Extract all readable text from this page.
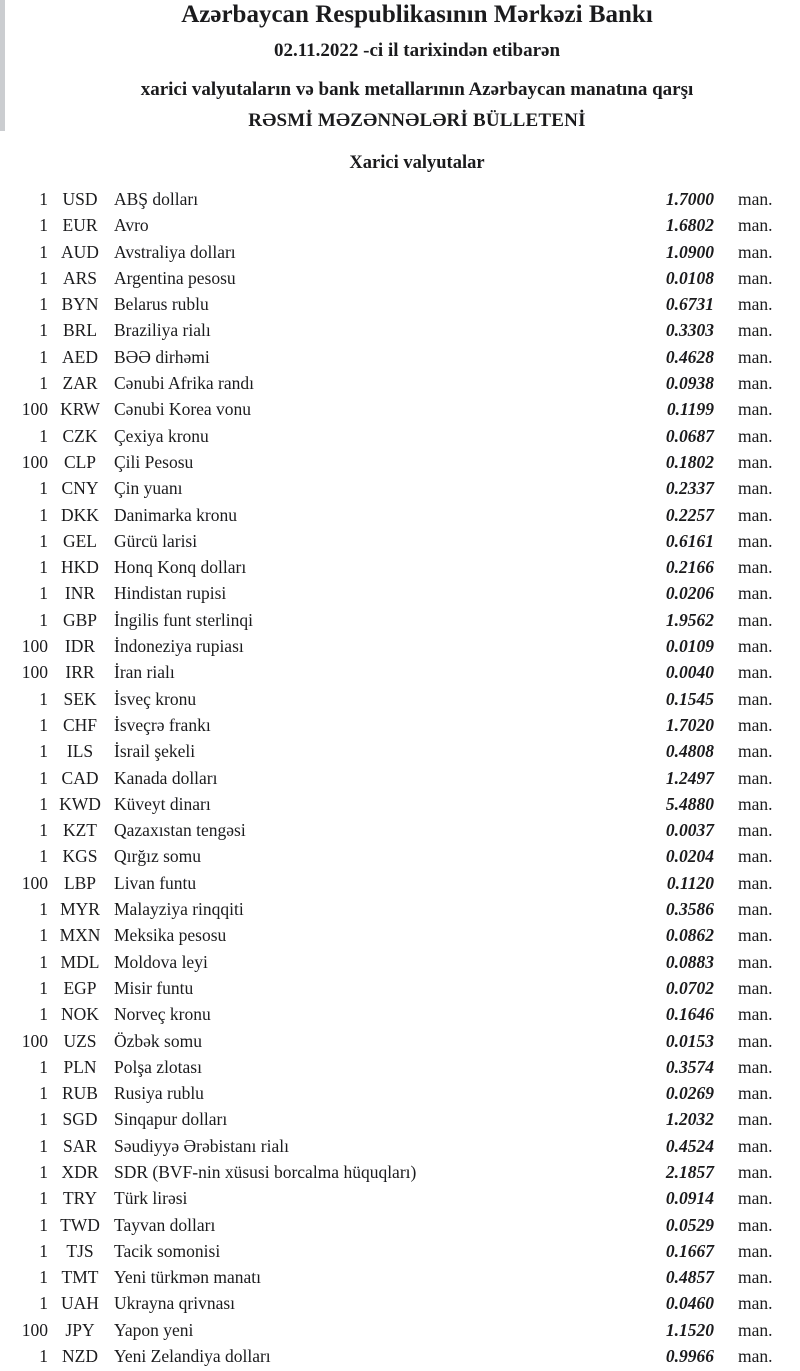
Azərbaycan Respublikasının Mərkəzi Bankı
02.11.2022 -ci il tarixindən etibarən
xarici valyutaların və bank metallarının Azərbaycan manatına qarşı
RƏSMİ MƏZƏNNƏLƏRİ BÜLLETENİ
Xarici valyutalar
1 USD ABŞ dolları	1.7000	man.
1 EUR Avro	1.6802	man.
1 AUD Avstraliya dolları	1.0900	man.
1 ARS Argentina pesosu	0.0108	man.
1 BYN Belarus rublu	0.6731	man.
1 BRL Braziliya rialı	0.3303	man.
1 AED BƏƏ dirhəmi	0.4628	man.
1 ZAR Cənubi Afrika randı	0.0938	man.
100 KRW Cənubi Korea vonu	0.1199	man.
1 CZK Çexiya kronu	0.0687	man.
100 CLP	Çili Pesosu	0.1802	man.
1 CNY Çin yuanı	0.2337	man.
1 DKK Danimarka kronu	0.2257	man.
1 GEL Gürcü larisi	0.6161	man.
1 HKD Honq Konq dolları	0.2166	man.
1 INR	Hindistan rupisi	0.0206	man.
1 GBP İngilis funt sterlinqi	1.9562	man.
100 IDR	İndoneziya rupiası	0.0109	man.
100 IRR	İran rialı	0.0040	man.
1 SEK İsveç kronu	0.1545	man.
1 CHF İsveçrə frankı	1.7020	man.
1	ILS	İsrail şekeli	0.4808	man.
1 CAD Kanada dolları	1.2497	man.
1 KWD Küveyt dinarı	5.4880	man.
1 KZT Qazaxıstan tengəsi	0.0037	man.
1 KGS Qırğız somu	0.0204	man.
100 LBP	Livan funtu	0.1120	man.
1 MYR Malayziya rinqqiti	0.3586	man.
1 MXN Meksika pesosu	0.0862	man.
1 MDL Moldova leyi	0.0883	man.
1 EGP Misir funtu	0.0702	man.
1 NOK Norveç kronu	0.1646	man.
100 UZS Özbək somu	0.0153	man.
1 PLN Polşa zlotası	0.3574	man.
1 RUB Rusiya rublu	0.0269	man.
1 SGD Sinqapur dolları	1.2032	man.
1 SAR Səudiyyə Ərəbistanı rialı	0.4524	man.
1 XDR SDR (BVF-nin xüsusi borcalma hüquqları)	2.1857	man.
1 TRY Türk lirəsi	0.0914	man.
1 TWD Tayvan dolları	0.0529	man.
1	TJS	Tacik somonisi	0.1667	man.
1 TMT Yeni türkmən manatı	0.4857	man.
1 UAH Ukrayna qrivnası	0.0460	man.
100 JPY	Yapon yeni	1.1520	man.
1 NZD Yeni Zelandiya dolları	0.9966	man.
